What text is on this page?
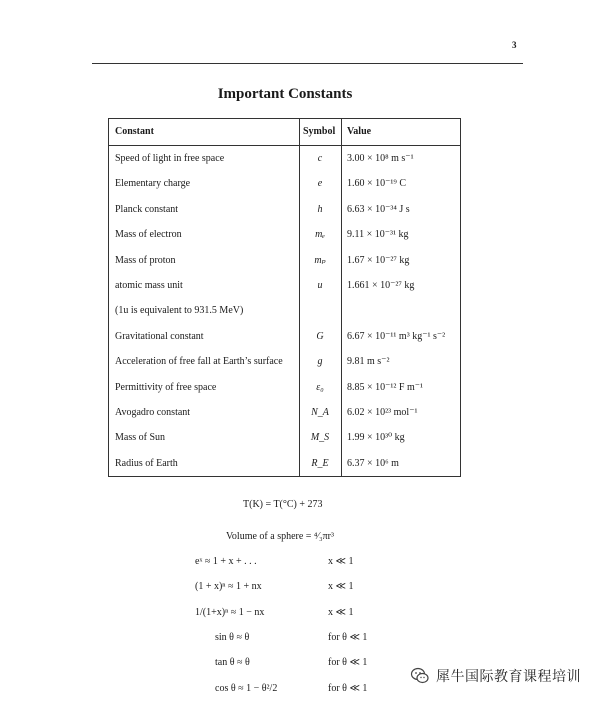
3
Important Constants
Constant	Symbol Value
Speed of light in free space	c	3.00 × 10⁸ m s⁻¹
Elementary charge	e	1.60 × 10⁻¹⁹ C
Planck constant	h	6.63 × 10⁻³⁴ J s
Mass of electron	mₑ	9.11 × 10⁻³¹ kg
Mass of proton	mₚ	1.67 × 10⁻²⁷ kg
atomic mass unit	u	1.661 × 10⁻²⁷ kg
(1u is equivalent to 931.5 MeV)
Gravitational constant	G	6.67 × 10⁻¹¹ m³ kg⁻¹ s⁻²
Acceleration of free fall at Earth’s surface	g	9.81 m s⁻²
Permittivity of free space	ε₀	8.85 × 10⁻¹² F m⁻¹
Avogadro constant	N_A	6.02 × 10²³ mol⁻¹
Mass of Sun	M_S	1.99 × 10³⁰ kg
Radius of Earth	R_E	6.37 × 10⁶ m
T(K) = T(°C) + 273
Volume of a sphere = ⁴⁄₃πr³
eˣ ≈ 1 + x + . . .	x ≪ 1
(1 + x)ⁿ ≈ 1 + nx	x ≪ 1
1/(1+x)ⁿ ≈ 1 − nx	x ≪ 1
sin θ ≈ θ	for θ ≪ 1
tan θ ≈ θ	for θ ≪ 1
cos θ ≈ 1 − θ²/2	for θ ≪ 1
犀牛国际教育课程培训
